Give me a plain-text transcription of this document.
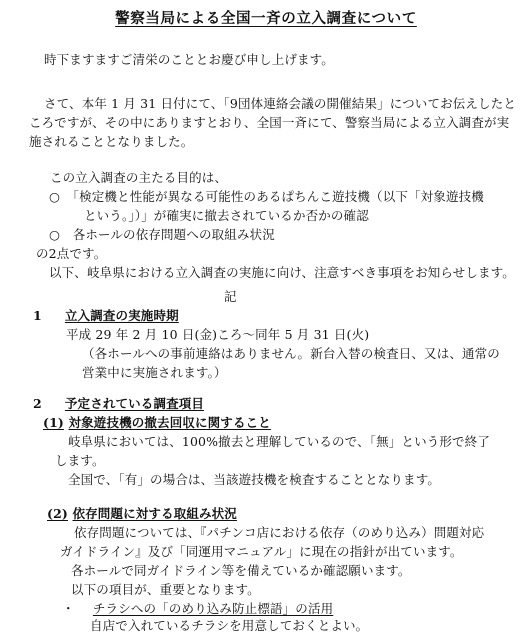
警察当局による全国一斉の立入調査について
時下ますますご清栄のこととお慶び申し上げます。
さて、本年 1 月 31 日付にて、「9団体連絡会議の開催結果」についてお伝えしたと
ころですが、その中にありますとおり、全国一斉にて、警察当局による立入調査が実
施されることとなりました。
この立入調査の主たる目的は、
○　「検定機と性能が異なる可能性のあるぱちんこ遊技機（以下「対象遊技機
という。」）」が確実に撤去されているか否かの確認
○　各ホールの依存問題への取組み状況
の2点です。
以下、岐阜県における立入調査の実施に向け、注意すべき事項をお知らせします。
記
1 立入調査の実施時期
平成 29 年 2 月 10 日(金)ころ～同年 5 月 31 日(火)
（各ホールへの事前連絡はありません。新台入替の検査日、又は、通常の
営業中に実施されます。）
2 予定されている調査項目
(1) 対象遊技機の撤去回収に関すること
岐阜県においては、100%撤去と理解しているので、「無」という形で終了
します。
全国で、「有」の場合は、当該遊技機を検査することとなります。
(2) 依存問題に対する取組み状況
依存問題については、『パチンコ店における依存（のめり込み）問題対応
ガイドライン』及び「同運用マニュアル」に現在の指針が出ています。
各ホールで同ガイドライン等を備えているか確認願います。
以下の項目が、重要となります。
・ チラシへの「のめり込み防止標語」の活用
自店で入れているチラシを用意しておくとよい。
